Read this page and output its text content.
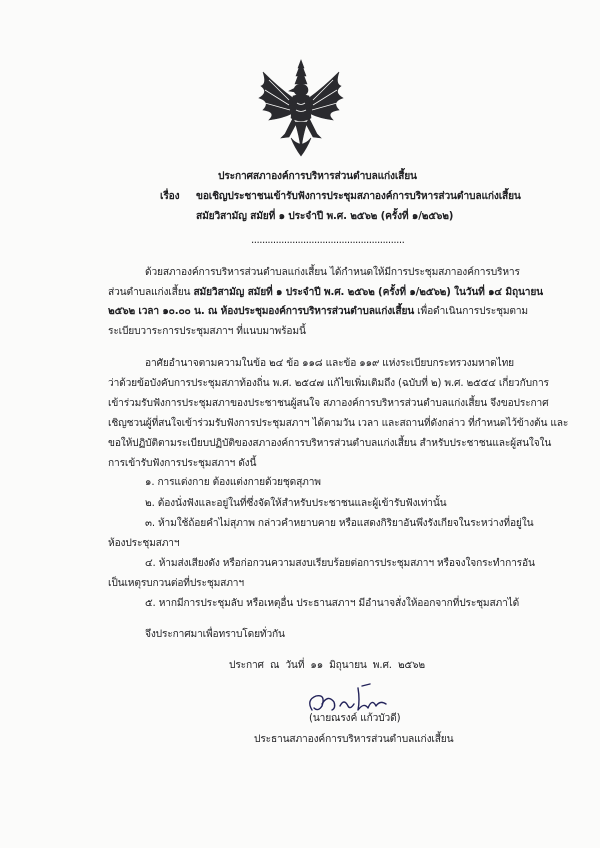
ประกาศสภาองค์การบริหารส่วนตำบลแก่งเสี้ยน
เรื่อง ขอเชิญประชาชนเข้ารับฟังการประชุมสภาองค์การบริหารส่วนตำบลแก่งเสี้ยน
สมัยวิสามัญ สมัยที่ ๑ ประจำปี พ.ศ. ๒๕๖๒ (ครั้งที่ ๑/๒๕๖๒)
........................................................
ด้วยสภาองค์การบริหารส่วนตำบลแก่งเสี้ยน ได้กำหนดให้มีการประชุมสภาองค์การบริหาร
ส่วนตำบลแก่งเสี้ยน สมัยวิสามัญ สมัยที่ ๑ ประจำปี พ.ศ. ๒๕๖๒ (ครั้งที่ ๑/๒๕๖๒) ในวันที่ ๑๔ มิถุนายน
๒๕๖๒ เวลา ๑๐.๐๐ น. ณ ห้องประชุมองค์การบริหารส่วนตำบลแก่งเสี้ยน เพื่อดำเนินการประชุมตาม
ระเบียบวาระการประชุมสภาฯ ที่แนบมาพร้อมนี้
อาศัยอำนาจตามความในข้อ ๒๔ ข้อ ๑๑๘ และข้อ ๑๑๙ แห่งระเบียบกระทรวงมหาดไทย
ว่าด้วยข้อบังคับการประชุมสภาท้องถิ่น พ.ศ. ๒๕๔๗ แก้ไขเพิ่มเติมถึง (ฉบับที่ ๒) พ.ศ. ๒๕๕๔ เกี่ยวกับการ
เข้าร่วมรับฟังการประชุมสภาของประชาชนผู้สนใจ สภาองค์การบริหารส่วนตำบลแก่งเสี้ยน จึงขอประกาศ
เชิญชวนผู้ที่สนใจเข้าร่วมรับฟังการประชุมสภาฯ ได้ตามวัน เวลา และสถานที่ดังกล่าว ที่กำหนดไว้ข้างต้น และ
ขอให้ปฏิบัติตามระเบียบปฏิบัติของสภาองค์การบริหารส่วนตำบลแก่งเสี้ยน สำหรับประชาชนและผู้สนใจใน
การเข้ารับฟังการประชุมสภาฯ ดังนี้
๑. การแต่งกาย ต้องแต่งกายด้วยชุดสุภาพ
๒. ต้องนั่งฟังและอยู่ในที่ซึ่งจัดให้สำหรับประชาชนและผู้เข้ารับฟังเท่านั้น
๓. ห้ามใช้ถ้อยคำไม่สุภาพ กล่าวคำหยาบคาย หรือแสดงกิริยาอันพึงรังเกียจในระหว่างที่อยู่ใน
ห้องประชุมสภาฯ
๔. ห้ามส่งเสียงดัง หรือก่อกวนความสงบเรียบร้อยต่อการประชุมสภาฯ หรือจงใจกระทำการอัน
เป็นเหตุรบกวนต่อที่ประชุมสภาฯ
๕. หากมีการประชุมลับ หรือเหตุอื่น ประธานสภาฯ มีอำนาจสั่งให้ออกจากที่ประชุมสภาได้
จึงประกาศมาเพื่อทราบโดยทั่วกัน
ประกาศ ณ วันที่ ๑๑ มิถุนายน พ.ศ. ๒๕๖๒
(นายณรงค์ แก้วบัวดี)
ประธานสภาองค์การบริหารส่วนตำบลแก่งเสี้ยน
